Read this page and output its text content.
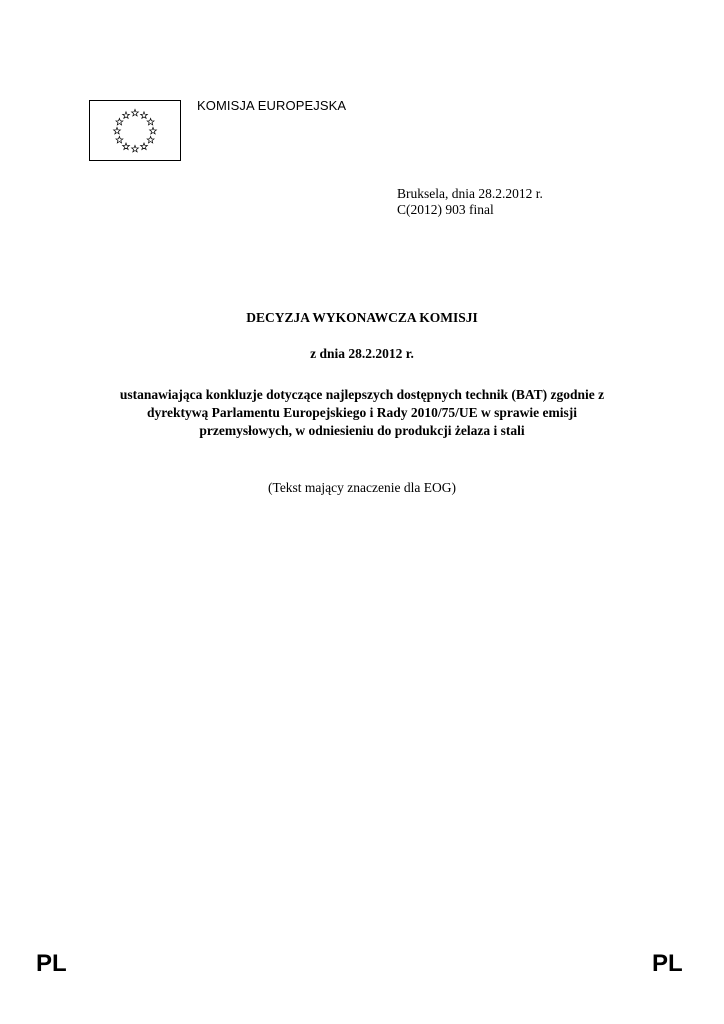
KOMISJA EUROPEJSKA
Bruksela, dnia 28.2.2012 r.
C(2012) 903 final
DECYZJA WYKONAWCZA KOMISJI
z dnia 28.2.2012 r.
ustanawiająca konkluzje dotyczące najlepszych dostępnych technik (BAT) zgodnie z
dyrektywą Parlamentu Europejskiego i Rady 2010/75/UE w sprawie emisji
przemysłowych, w odniesieniu do produkcji żelaza i stali
(Tekst mający znaczenie dla EOG)
PL	PL
